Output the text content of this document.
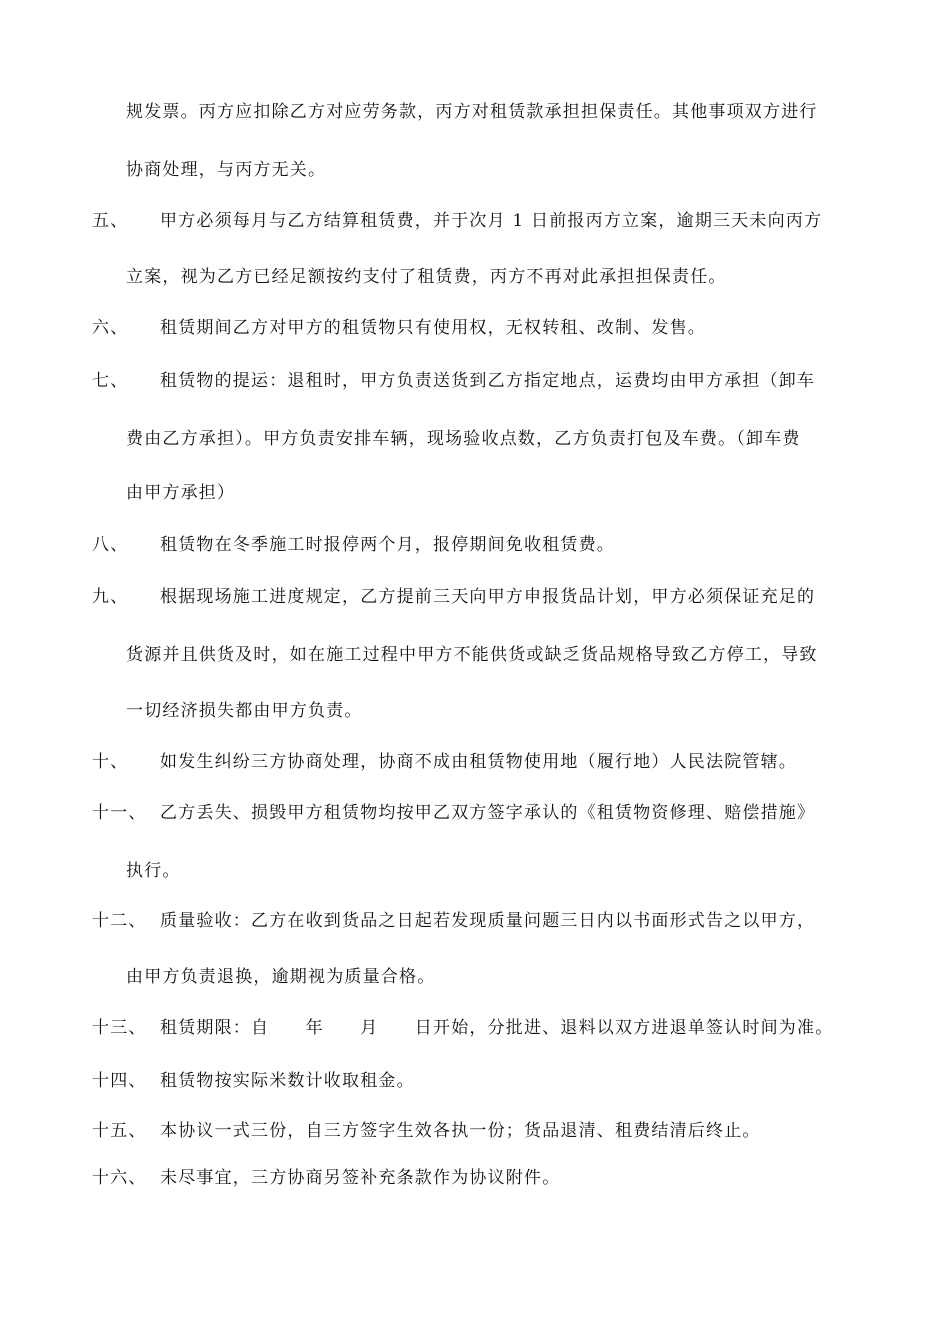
规发票。丙方应扣除乙方对应劳务款，丙方对租赁款承担担保责任。其他事项双方进行
协商处理，与丙方无关。
五、 甲方必须每月与乙方结算租赁费，并于次月 1 日前报丙方立案，逾期三天未向丙方
立案，视为乙方已经足额按约支付了租赁费，丙方不再对此承担担保责任。
六、 租赁期间乙方对甲方的租赁物只有使用权，无权转租、改制、发售。
七、 租赁物的提运：退租时，甲方负责送货到乙方指定地点，运费均由甲方承担（卸车
费由乙方承担）。甲方负责安排车辆，现场验收点数，乙方负责打包及车费。（卸车费
由甲方承担）
八、 租赁物在冬季施工时报停两个月，报停期间免收租赁费。
九、 根据现场施工进度规定，乙方提前三天向甲方申报货品计划，甲方必须保证充足的
货源并且供货及时，如在施工过程中甲方不能供货或缺乏货品规格导致乙方停工，导致
一切经济损失都由甲方负责。
十、 如发生纠纷三方协商处理，协商不成由租赁物使用地（履行地）人民法院管辖。
十一、 乙方丢失、损毁甲方租赁物均按甲乙双方签字承认的《租赁物资修理、赔偿措施》
执行。
十二、 质量验收：乙方在收到货品之日起若发现质量问题三日内以书面形式告之以甲方，
由甲方负责退换，逾期视为质量合格。
十三、 租赁期限：自　　年　　月　　日开始，分批进、退料以双方进退单签认时间为准。
十四、 租赁物按实际米数计收取租金。
十五、 本协议一式三份，自三方签字生效各执一份；货品退清、租费结清后终止。
十六、 未尽事宜，三方协商另签补充条款作为协议附件。
